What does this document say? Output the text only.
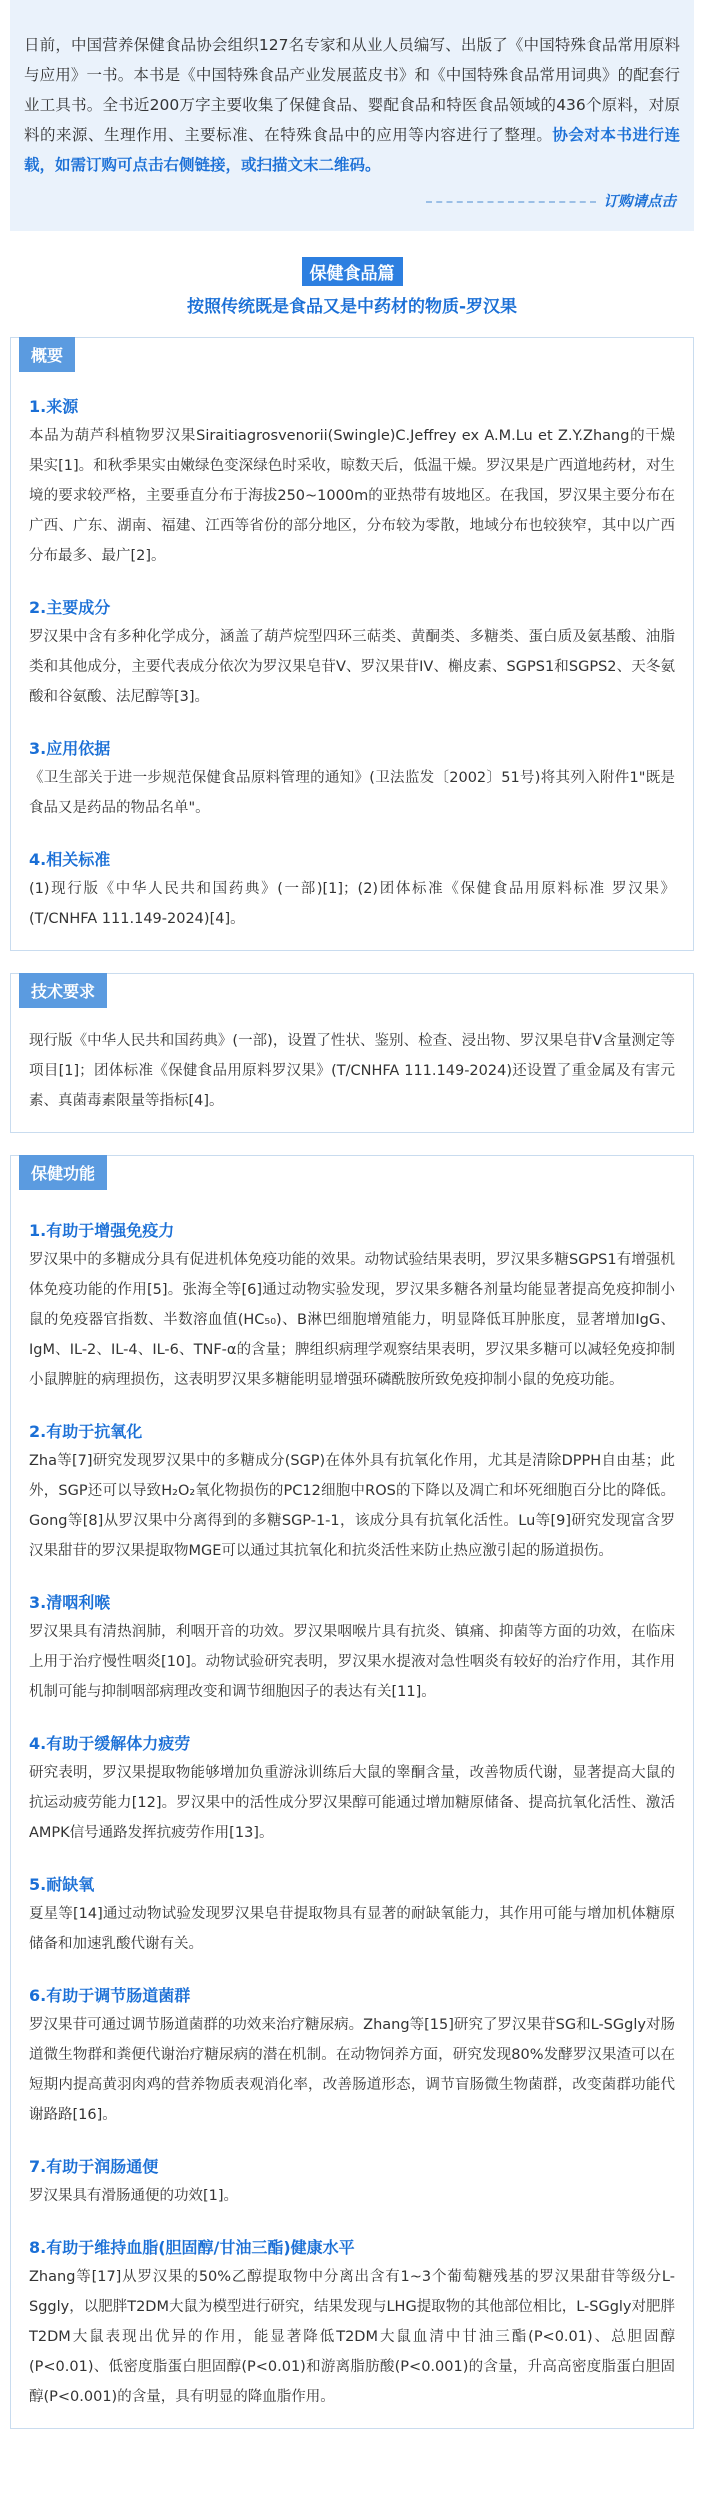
日前，中国营养保健食品协会组织127名专家和从业人员编写、出版了《中国特殊食品常用原料与应用》一书。本书是《中国特殊食品产业发展蓝皮书》和《中国特殊食品常用词典》的配套行业工具书。全书近200万字主要收集了保健食品、婴配食品和特医食品领域的436个原料，对原料的来源、生理作用、主要标准、在特殊食品中的应用等内容进行了整理。协会对本书进行连载，如需订购可点击右侧链接，或扫描文末二维码。
订购请点击
保健食品篇
按照传统既是食品又是中药材的物质-罗汉果
概要
1.来源

本品为葫芦科植物罗汉果Siraitiagrosvenorii(Swingle)C.Jeffrey ex A.M.Lu et Z.Y.Zhang的干燥果实[1]。和秋季果实由嫩绿色变深绿色时采收，晾数天后，低温干燥。罗汉果是广西道地药材，对生境的要求较严格，主要垂直分布于海拔250~1000m的亚热带有坡地区。在我国，罗汉果主要分布在广西、广东、湖南、福建、江西等省份的部分地区，分布较为零散，地域分布也较狭窄，其中以广西分布最多、最广[2]。

2.主要成分

罗汉果中含有多种化学成分，涵盖了葫芦烷型四环三萜类、黄酮类、多糖类、蛋白质及氨基酸、油脂类和其他成分，主要代表成分依次为罗汉果皂苷V、罗汉果苷IV、槲皮素、SGPS1和SGPS2、天冬氨酸和谷氨酸、法尼醇等[3]。

3.应用依据

《卫生部关于进一步规范保健食品原料管理的通知》(卫法监发〔2002〕51号)将其列入附件1"既是食品又是药品的物品名单"。

4.相关标准

(1)现行版《中华人民共和国药典》(一部)[1]；(2)团体标准《保健食品用原料标准 罗汉果》(T/CNHFA 111.149-2024)[4]。

技术要求

现行版《中华人民共和国药典》(一部)，设置了性状、鉴别、检查、浸出物、罗汉果皂苷V含量测定等项目[1]；团体标准《保健食品用原料罗汉果》(T/CNHFA 111.149-2024)还设置了重金属及有害元素、真菌毒素限量等指标[4]。

保健功能
1.有助于增强免疫力

罗汉果中的多糖成分具有促进机体免疫功能的效果。动物试验结果表明，罗汉果多糖SGPS1有增强机体免疫功能的作用[5]。张海全等[6]通过动物实验发现，罗汉果多糖各剂量均能显著提高免疫抑制小鼠的免疫器官指数、半数溶血值(HC₅₀)、B淋巴细胞增殖能力，明显降低耳肿胀度，显著增加IgG、IgM、IL-2、IL-4、IL-6、TNF-α的含量；脾组织病理学观察结果表明，罗汉果多糖可以减轻免疫抑制小鼠脾脏的病理损伤，这表明罗汉果多糖能明显增强环磷酰胺所致免疫抑制小鼠的免疫功能。

2.有助于抗氧化

Zha等[7]研究发现罗汉果中的多糖成分(SGP)在体外具有抗氧化作用，尤其是清除DPPH自由基；此外，SGP还可以导致H₂O₂氧化物损伤的PC12细胞中ROS的下降以及凋亡和坏死细胞百分比的降低。Gong等[8]从罗汉果中分离得到的多糖SGP-1-1，该成分具有抗氧化活性。Lu等[9]研究发现富含罗汉果甜苷的罗汉果提取物MGE可以通过其抗氧化和抗炎活性来防止热应激引起的肠道损伤。

3.清咽利喉

罗汉果具有清热润肺，利咽开音的功效。罗汉果咽喉片具有抗炎、镇痛、抑菌等方面的功效，在临床上用于治疗慢性咽炎[10]。动物试验研究表明，罗汉果水提液对急性咽炎有较好的治疗作用，其作用机制可能与抑制咽部病理改变和调节细胞因子的表达有关[11]。

4.有助于缓解体力疲劳

研究表明，罗汉果提取物能够增加负重游泳训练后大鼠的睾酮含量，改善物质代谢，显著提高大鼠的抗运动疲劳能力[12]。罗汉果中的活性成分罗汉果醇可能通过增加糖原储备、提高抗氧化活性、激活AMPK信号通路发挥抗疲劳作用[13]。

5.耐缺氧

夏星等[14]通过动物试验发现罗汉果皂苷提取物具有显著的耐缺氧能力，其作用可能与增加机体糖原储备和加速乳酸代谢有关。

6.有助于调节肠道菌群

罗汉果苷可通过调节肠道菌群的功效来治疗糖尿病。Zhang等[15]研究了罗汉果苷SG和L-SGgly对肠道微生物群和粪便代谢治疗糖尿病的潜在机制。在动物饲养方面，研究发现80%发酵罗汉果渣可以在短期内提高黄羽肉鸡的营养物质表观消化率，改善肠道形态，调节盲肠微生物菌群，改变菌群功能代谢路路[16]。

7.有助于润肠通便

罗汉果具有滑肠通便的功效[1]。

8.有助于维持血脂(胆固醇/甘油三酯)健康水平

Zhang等[17]从罗汉果的50%乙醇提取物中分离出含有1~3个葡萄糖残基的罗汉果甜苷等级分L-Sggly，以肥胖T2DM大鼠为模型进行研究，结果发现与LHG提取物的其他部位相比，L-SGgly对肥胖T2DM大鼠表现出优异的作用，能显著降低T2DM大鼠血清中甘油三酯(P<0.01)、总胆固醇(P<0.01)、低密度脂蛋白胆固醇(P<0.01)和游离脂肪酸(P<0.001)的含量，升高高密度脂蛋白胆固醇(P<0.001)的含量，具有明显的降血脂作用。
